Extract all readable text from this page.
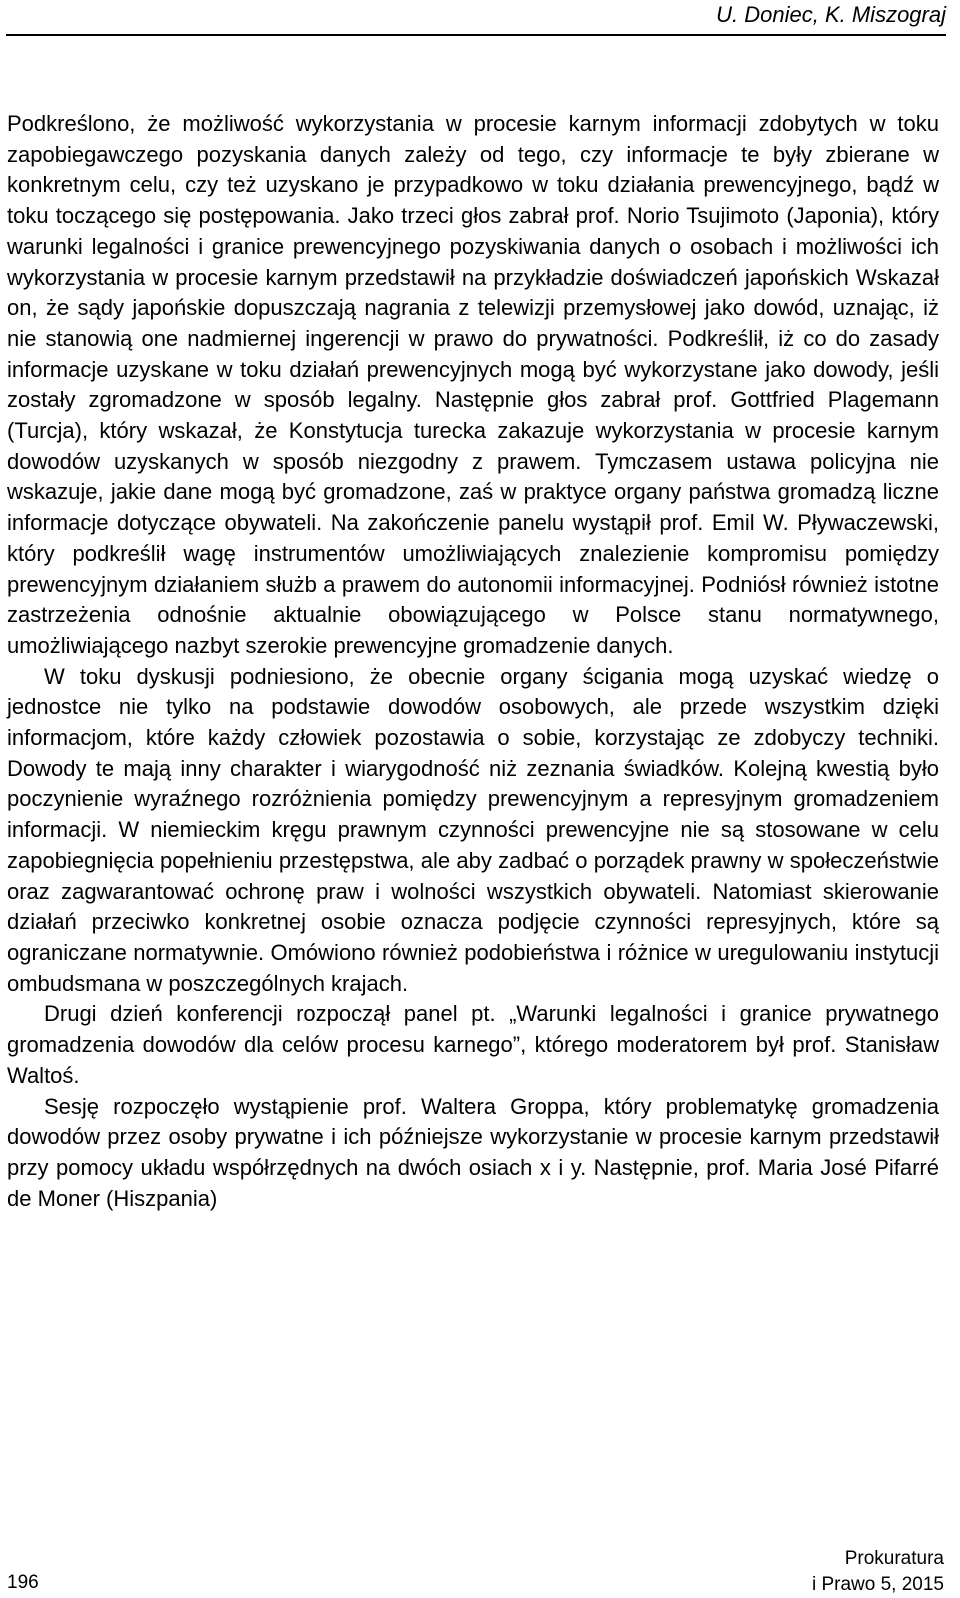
U. Doniec, K. Miszograj

Podkreślono, że możliwość wykorzystania w procesie karnym informacji zdobytych w toku zapobiegawczego pozyskania danych zależy od tego, czy informacje te były zbierane w konkretnym celu, czy też uzyskano je przypadkowo w toku działania prewencyjnego, bądź w toku toczącego się postępowania. Jako trzeci głos zabrał prof. Norio Tsujimoto (Japonia), który warunki legalności i granice prewencyjnego pozyskiwania danych o osobach i możliwości ich wykorzystania w procesie karnym przedstawił na przykładzie doświadczeń japońskich Wskazał on, że sądy japońskie dopuszczają nagrania z telewizji przemysłowej jako dowód, uznając, iż nie stanowią one nadmiernej ingerencji w prawo do prywatności. Podkreślił, iż co do zasady informacje uzyskane w toku działań prewencyjnych mogą być wykorzystane jako dowody, jeśli zostały zgromadzone w sposób legalny. Następnie głos zabrał prof. Gottfried Plagemann (Turcja), który wskazał, że Konstytucja turecka zakazuje wykorzystania w procesie karnym dowodów uzyskanych w sposób niezgodny z prawem. Tymczasem ustawa policyjna nie wskazuje, jakie dane mogą być gromadzone, zaś w praktyce organy państwa gromadzą liczne informacje dotyczące obywateli. Na zakończenie panelu wystąpił prof. Emil W. Pływaczewski, który podkreślił wagę instrumentów umożliwiających znalezienie kompromisu pomiędzy prewencyjnym działaniem służb a prawem do autonomii informacyjnej. Podniósł również istotne zastrzeżenia odnośnie aktualnie obowiązującego w Polsce stanu normatywnego, umożliwiającego nazbyt szerokie prewencyjne gromadzenie danych.

W toku dyskusji podniesiono, że obecnie organy ścigania mogą uzyskać wiedzę o jednostce nie tylko na podstawie dowodów osobowych, ale przede wszystkim dzięki informacjom, które każdy człowiek pozostawia o sobie, korzystając ze zdobyczy techniki. Dowody te mają inny charakter i wiarygodność niż zeznania świadków. Kolejną kwestią było poczynienie wyraźnego rozróżnienia pomiędzy prewencyjnym a represyjnym gromadzeniem informacji. W niemieckim kręgu prawnym czynności prewencyjne nie są stosowane w celu zapobiegnięcia popełnieniu przestępstwa, ale aby zadbać o porządek prawny w społeczeństwie oraz zagwarantować ochronę praw i wolności wszystkich obywateli. Natomiast skierowanie działań przeciwko konkretnej osobie oznacza podjęcie czynności represyjnych, które są ograniczane normatywnie. Omówiono również podobieństwa i różnice w uregulowaniu instytucji ombudsmana w poszczególnych krajach.

Drugi dzień konferencji rozpoczął panel pt. „Warunki legalności i granice prywatnego gromadzenia dowodów dla celów procesu karnego”, którego moderatorem był prof. Stanisław Waltoś.

Sesję rozpoczęło wystąpienie prof. Waltera Groppa, który problematykę gromadzenia dowodów przez osoby prywatne i ich późniejsze wykorzystanie w procesie karnym przedstawił przy pomocy układu współrzędnych na dwóch osiach x i y. Następnie, prof. Maria José Pifarré de Moner (Hiszpania)

196
Prokuratura
i Prawo 5, 2015
